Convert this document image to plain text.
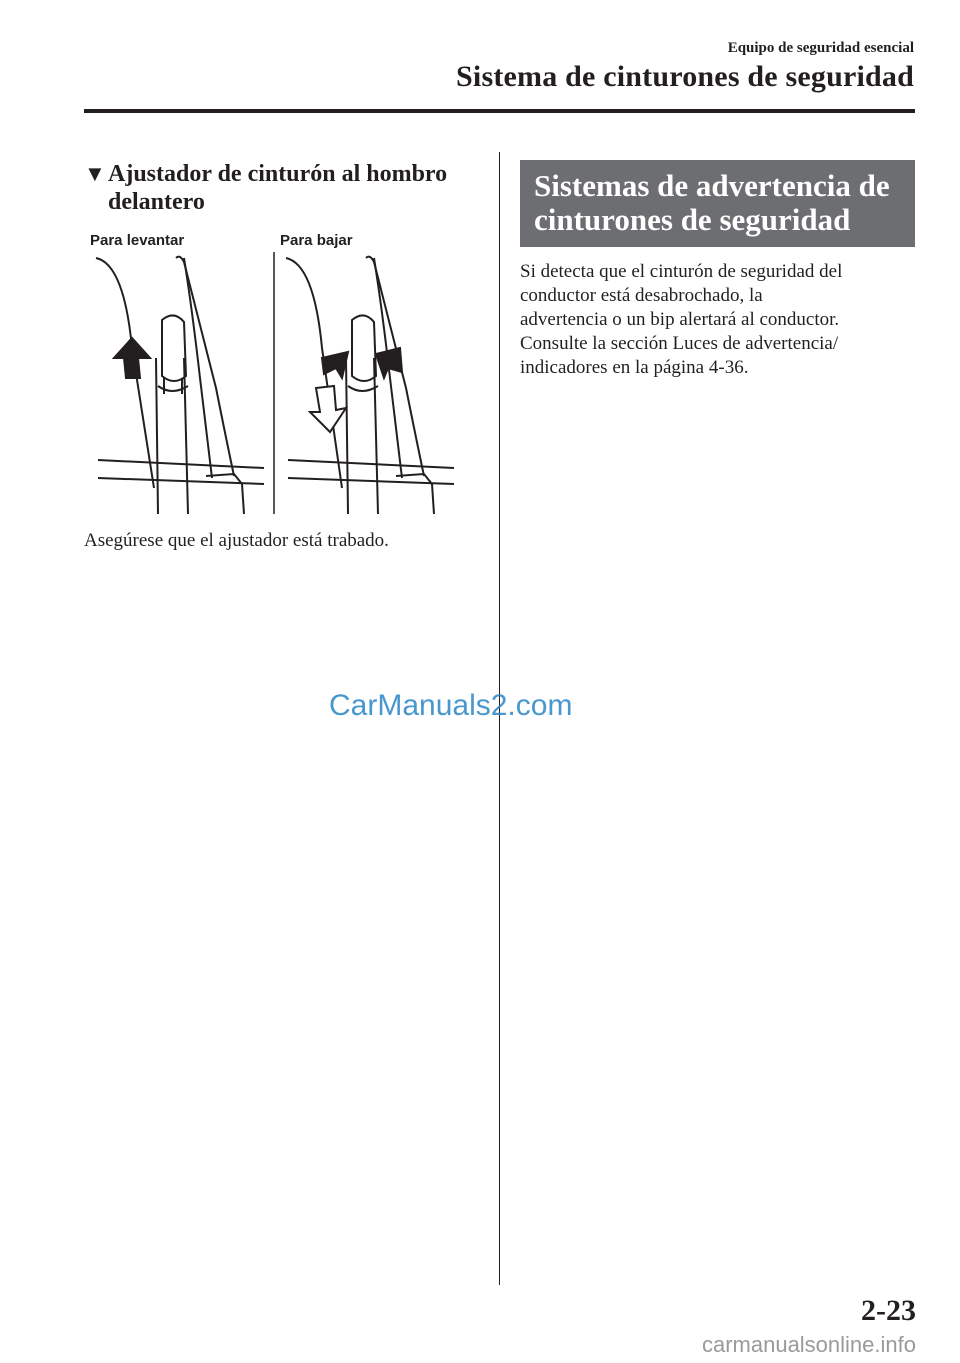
Equipo de seguridad esencial
Sistema de cinturones de seguridad
▼ Ajustador de cinturón al hombro delantero
Para levantar	Para bajar
Asegúrese que el ajustador está trabado.
Sistemas de advertencia de cinturones de seguridad

Si detecta que el cinturón de seguridad del

conductor está desabrochado, la

advertencia o un bip alertará al conductor.

Consulte la sección Luces de advertencia/

indicadores en la página 4-36.

CarManuals2.com
2-23
carmanualsonline.info
